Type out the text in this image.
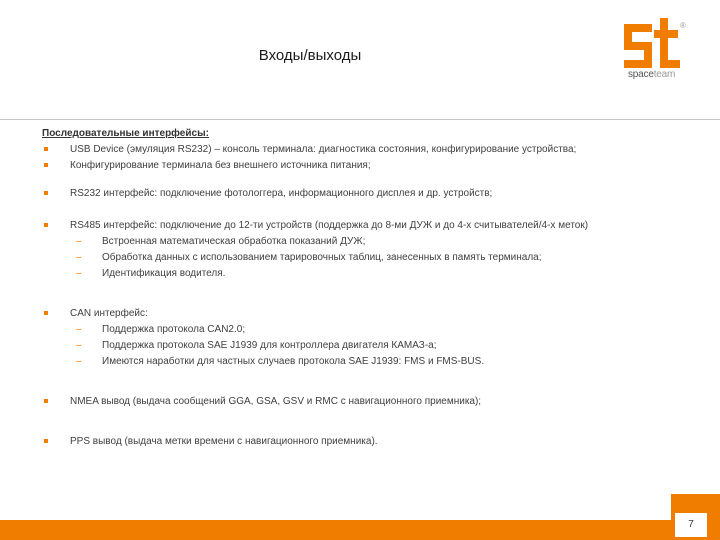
Входы/выходы
®
spaceteam
Последовательные интерфейсы:
USB Device (эмуляция RS232) – консоль терминала: диагностика состояния, конфигурирование устройства;
Конфигурирование терминала без внешнего источника питания;
RS232 интерфейс: подключение фотологгера, информационного дисплея и др. устройств;
RS485 интерфейс: подключение до 12-ти устройств (поддержка до 8-ми ДУЖ и до 4-х считывателей/4-х меток)
– Встроенная математическая обработка показаний ДУЖ;
– Обработка данных с использованием тарировочных таблиц, занесенных в память терминала;
– Идентификация водителя.
CAN интерфейс:
– Поддержка протокола CAN2.0;
– Поддержка протокола SAE J1939 для контроллера двигателя КАМАЗ-а;
– Имеются наработки для частных случаев протокола SAE J1939: FMS и FMS-BUS.
NMEA вывод (выдача сообщений GGA, GSA, GSV и RMC с навигационного приемника);
PPS вывод (выдача метки времени с навигационного приемника).
7
